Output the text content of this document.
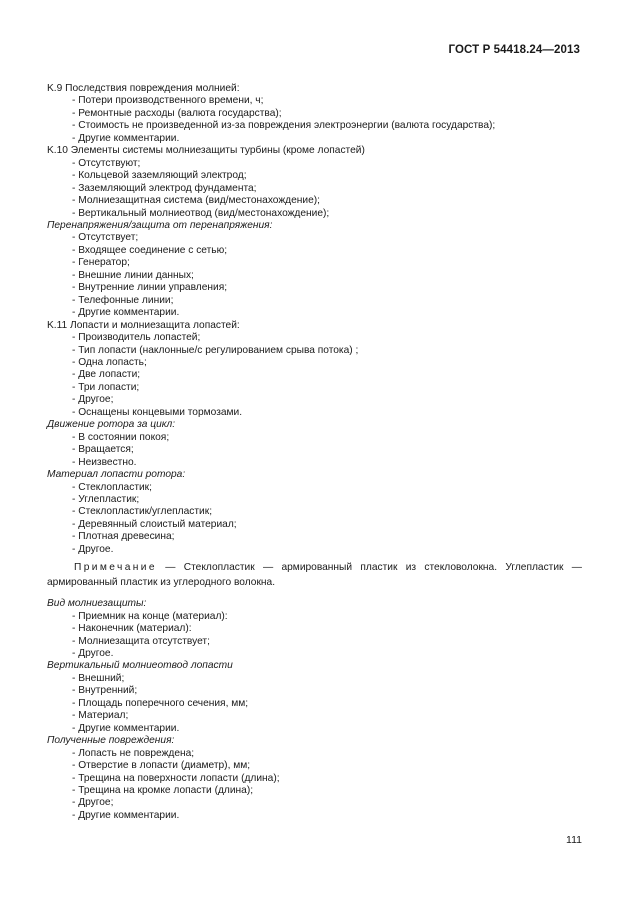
ГОСТ Р 54418.24—2013
K.9 Последствия повреждения молнией:
- Потери производственного времени, ч;
- Ремонтные расходы (валюта государства);
- Стоимость не произведенной из-за повреждения электроэнергии (валюта государства);
- Другие комментарии.
K.10 Элементы системы молниезащиты турбины (кроме лопастей)
- Отсутствуют;
- Кольцевой заземляющий электрод;
- Заземляющий электрод фундамента;
- Молниезащитная система (вид/местонахождение);
- Вертикальный молниеотвод (вид/местонахождение);
Перенапряжения/защита от перенапряжения:
- Отсутствует;
- Входящее соединение с сетью;
- Генератор;
- Внешние линии данных;
- Внутренние линии управления;
- Телефонные линии;
- Другие комментарии.
K.11 Лопасти и молниезащита лопастей:
- Производитель лопастей;
- Тип лопасти (наклонные/с регулированием срыва потока) ;
- Одна лопасть;
- Две лопасти;
- Три лопасти;
- Другое;
- Оснащены концевыми тормозами.
Движение ротора за цикл:
- В состоянии покоя;
- Вращается;
- Неизвестно.
Материал лопасти ротора:
- Стеклопластик;
- Углепластик;
- Стеклопластик/углепластик;
- Деревянный слоистый материал;
- Плотная древесина;
- Другое.
Примечание — Стеклопластик — армированный пластик из стекловолокна. Углепластик — армированный пластик из углеродного волокна.
Вид молниезащиты:
- Приемник на конце (материал):
- Наконечник (материал):
- Молниезащита отсутствует;
- Другое.
Вертикальный молниеотвод лопасти
- Внешний;
- Внутренний;
- Площадь поперечного сечения, мм;
- Материал;
- Другие комментарии.
Полученные повреждения:
- Лопасть не повреждена;
- Отверстие в лопасти (диаметр), мм;
- Трещина на поверхности лопасти (длина);
- Трещина на кромке лопасти (длина);
- Другое;
- Другие комментарии.
111
